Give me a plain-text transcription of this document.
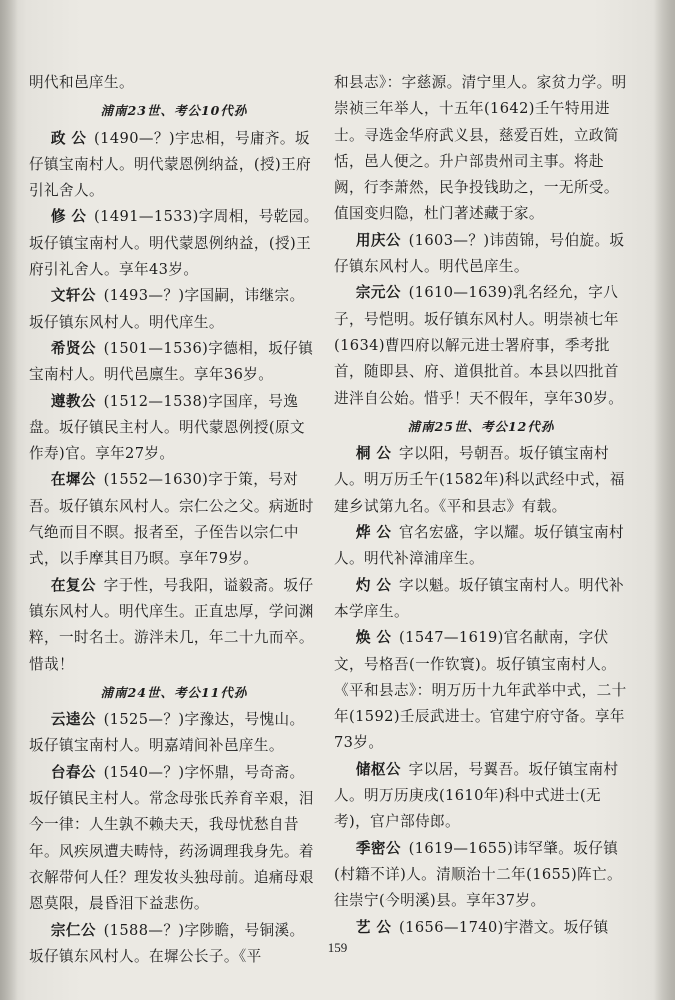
明代和邑庠生。

浦南23世、考公10代孙

政 公 (1490—？)宇忠相，号庸齐。坂仔镇宝南村人。明代蒙恩例纳益，(授)王府引礼舍人。

修 公 (1491—1533)字周相，号乾园。坂仔镇宝南村人。明代蒙恩例纳益，(授)王府引礼舍人。享年43岁。

文轩公 (1493—？)字国嗣，讳继宗。坂仔镇东风村人。明代庠生。

希贤公 (1501—1536)字德相，坂仔镇宝南村人。明代邑廪生。享年36岁。

遵教公 (1512—1538)字国庠，号逸盘。坂仔镇民主村人。明代蒙恩例授(原文作寿)官。享年27岁。

在墀公 (1552—1630)字于策，号对吾。坂仔镇东风村人。宗仁公之父。病逝时气绝而目不瞑。报者至，子侄告以宗仁中式，以手摩其目乃暝。享年79岁。

在复公 字于性，号我阳，谥毅斋。坂仔镇东风村人。明代庠生。正直忠厚，学问渊粹，一时名士。游泮未几，年二十九而卒。惜哉！

浦南24世、考公11代孙

云逵公 (1525—？)字豫达，号愧山。坂仔镇宝南村人。明嘉靖间补邑庠生。

台春公 (1540—？)字怀鼎，号奇斋。坂仔镇民主村人。常念母张氏养育辛艰，泪今一律：人生孰不赖夫天，我母忧愁自昔年。风疾夙遭夫畴恃，药汤调理我身先。着衣解带何人任？理发妆头独母前。追痛母艰恩莫限，晨昏泪下益悲伤。

宗仁公 (1588—？)字陟瞻，号铜溪。坂仔镇东风村人。在墀公长子。《平

和县志》：字慈源。清宁里人。家贫力学。明崇祯三年举人，十五年(1642)壬午特用进士。寻选金华府武义县，慈爱百姓，立政简恬，邑人便之。升户部贵州司主事。将赴阙，行李萧然，民争投钱助之，一无所受。值国变归隐，杜门著述藏于家。

用庆公 (1603—？)讳茵锦，号伯旋。坂仔镇东风村人。明代邑庠生。

宗元公 (1610—1639)乳名经允，字八子，号恺明。坂仔镇东风村人。明崇祯七年(1634)曹四府以解元进士署府事，季考批首，随即县、府、道俱批首。本县以四批首进泮自公始。惜乎！天不假年，享年30岁。

浦南25世、考公12代孙

桐 公 字以阳，号朝吾。坂仔镇宝南村人。明万历壬午(1582年)科以武经中式，福建乡试第九名。《平和县志》有载。

烨 公 官名宏盛，字以耀。坂仔镇宝南村人。明代补漳浦庠生。

灼 公 字以魁。坂仔镇宝南村人。明代补本学庠生。

焕 公 (1547—1619)官名献南，字伏文，号格吾(一作钦寰)。坂仔镇宝南村人。《平和县志》：明万历十九年武举中式，二十年(1592)壬辰武进士。官建宁府守备。享年73岁。

储枢公 字以居，号翼吾。坂仔镇宝南村人。明万历庚戌(1610年)科中式进士(无考)，官户部侍郎。

季密公 (1619—1655)讳罕肇。坂仔镇(村籍不详)人。清顺治十二年(1655)阵亡。往崇宁(今明溪)县。享年37岁。

艺 公 (1656—1740)宇潜文。坂仔镇

159
